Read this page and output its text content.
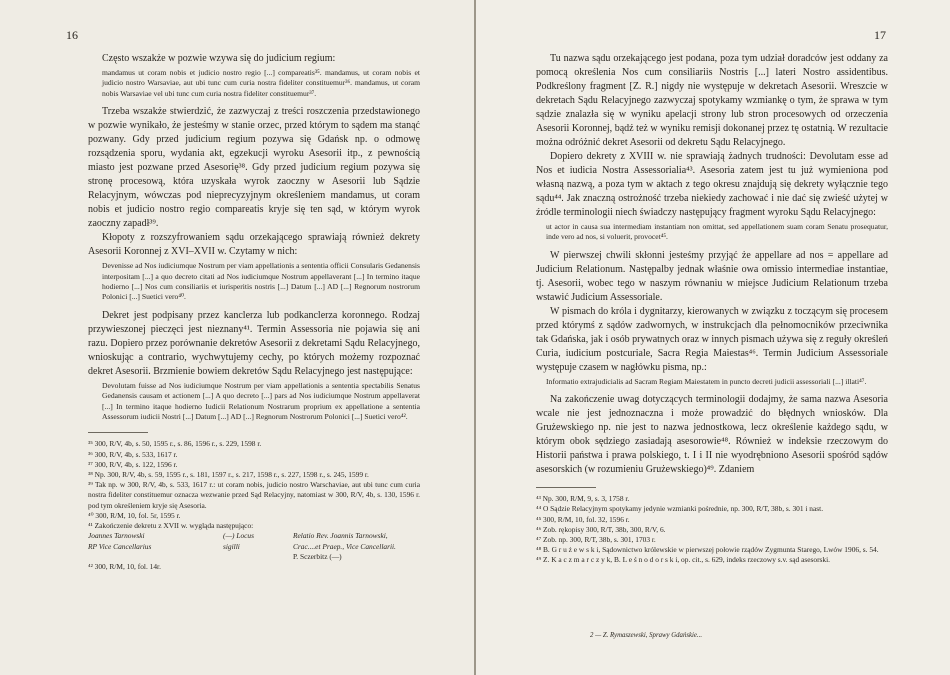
16

Często wszakże w pozwie wzywa się do judicium regium:

mandamus ut coram nobis et judicio nostro regio [...] compareatis³⁵. mandamus, ut coram nobis et judicio nostro Warsaviae, aut ubi tunc cum curia nostra fideliter constituemur³⁶. mandamus, ut coram nobis Warsaviae vel ubi tunc cum curia nostra fideliter constituemur³⁷.

Trzeba wszakże stwierdzić, że zazwyczaj z treści roszczenia przedstawionego w pozwie wynikało, że jesteśmy w stanie orzec, przed którym to sądem ma stanąć pozwany. Gdy przed judicium regium pozywa się Gdańsk np. o odmowę rozsądzenia sporu, wydania akt, egzekucji wyroku Asesorii itp., z pewnością miasto jest pozwane przed Asesorię³⁸. Gdy przed judicium regium pozywa się stronę procesową, która uzyskała wyrok zaoczny w Asesorii lub Sądzie Relacyjnym, wówczas pod nieprecyzyjnym określeniem mandamus, ut coram nobis et judicio nostro regio compareatis kryje się ten sąd, w którym wyrok zaoczny zapadł³⁹.

Kłopoty z rozszyfrowaniem sądu orzekającego sprawiają również dekrety Asesorii Koronnej z XVI–XVII w. Czytamy w nich:

Devenisse ad Nos iudiciumque Nostrum per viam appellationis a sententia officii Consularis Gedanensis interpositam [...] a quo decreto citati ad Nos iudiciumque Nostrum appellaverant [...] In termino itaque hodierno [...] Nos cum consiliariis et iurisperitis nostris [...] Datum [...] AD [...] Regnorum nostrorum Polonici [...] Suetici vero⁴⁰.

Dekret jest podpisany przez kanclerza lub podkanclerza koronnego. Rodzaj przywieszonej pieczęci jest nieznany⁴¹. Termin Assessoria nie pojawia się ani razu. Dopiero przez porównanie dekretów Asesorii z dekretami Sądu Relacyjnego, wnioskując a contrario, wychwytujemy cechy, po których możemy rozpoznać dekret Asesorii. Brzmienie bowiem dekretów Sądu Relacyjnego jest następujące:

Devolutam fuisse ad Nos iudiciumque Nostrum per viam appellationis a sententia spectabilis Senatus Gedanensis causam et actionem [...] A quo decreto [...] pars ad Nos iudiciumque Nostrum appellaverat [...] In termino itaque hodierno Iudicii Relationum Nostrarum proprium ex appellatione a sententia Assessorum iudicii Nostri [...] Datum [...] AD [...] Regnorum Nostrorum Polonici [...] Suetici vero⁴².

³⁵ 300, R/V, 4b, s. 50, 1595 r., s. 86, 1596 r., s. 229, 1598 r.

³⁶ 300, R/V, 4b, s. 533, 1617 r.

³⁷ 300, R/V, 4b, s. 122, 1596 r.

³⁸ Np. 300, R/V, 4b, s. 59, 1595 r., s. 181, 1597 r., s. 217, 1598 r., s. 227, 1598 r., s. 245, 1599 r.

³⁹ Tak np. w 300, R/V, 4b, s. 533, 1617 r.: ut coram nobis, judicio nostro Warschaviae, aut ubi tunc cum curia nostra fideliter constituemur oznacza wezwanie przed Sąd Relacyjny, natomiast w 300, R/V, 4b, s. 130, 1596 r. pod tym określeniem kryje się Asesoria.

⁴⁰ 300, R/M, 10, fol. 5r, 1595 r.

⁴¹ Zakończenie dekretu z XVII w. wygląda następująco:

Joannes Tarnowski	(—) Locus	Relatio Rev. Joannis Tarnowski,
RP Vice Cancellarius	sigilli	Crac....et Praep., Vice Cancellarii.
P. Sczerbitz (—)

⁴² 300, R/M, 10, fol. 14r.

17

Tu nazwa sądu orzekającego jest podana, poza tym udział doradców jest oddany za pomocą określenia Nos cum consiliariis Nostris [...] lateri Nostro assidentibus. Podkreślony fragment [Z. R.] nigdy nie występuje w dekretach Asesorii. Wreszcie w dekretach Sądu Relacyjnego zazwyczaj spotykamy wzmiankę o tym, że sprawa w tym sądzie znalazła się w wyniku apelacji strony lub stron procesowych od orzeczenia Asesorii Koronnej, bądź też w wyniku remisji dokonanej przez tę ostatnią. W rezultacie można odróżnić dekret Asesorii od dekretu Sądu Relacyjnego.

Dopiero dekrety z XVIII w. nie sprawiają żadnych trudności: Devolutam esse ad Nos et iudicia Nostra Assessorialia⁴³. Asesoria zatem jest tu już wymieniona pod własną nazwą, a poza tym w aktach z tego okresu znajdują się dekrety wyłącznie tego sądu⁴⁴. Jak znaczną ostrożność trzeba niekiedy zachować i nie dać się zwieść użytej w źródle terminologii niech świadczy następujący fragment wyroku Sądu Relacyjnego:

ut actor in causa sua intermediam instantiam non omittat, sed appellationem suam coram Senatu prosequatur, inde vero ad nos, si voluerit, provocet⁴⁵.

W pierwszej chwili skłonni jesteśmy przyjąć że appellare ad nos = appellare ad Judicium Relationum. Następalby jednak właśnie owa omissio intermediae instantiae, tj. Asesorii, wobec tego w naszym równaniu w miejsce Judicium Relationum trzeba wstawić Judicium Assessoriale.

W pismach do króla i dygnitarzy, kierowanych w związku z toczącym się procesem przed którymś z sądów zadwornych, w instrukcjach dla pełnomocników przeciwnika tak Gdańska, jak i osób prywatnych oraz w innych pismach używa się z reguły określeń Curia, iudicium postcuriale, Sacra Regia Maiestas⁴⁶. Termin Judicium Assessoriale występuje czasem w nagłówku pisma, np.:

Informatio extrajudicialis ad Sacram Regiam Maiestatem in puncto decreti judicii assessoriali [...] illati⁴⁷.

Na zakończenie uwag dotyczących terminologii dodajmy, że sama nazwa Asesoria wcale nie jest jednoznaczna i może prowadzić do błędnych wniosków. Dla Grużewskiego np. nie jest to nazwa jednostkowa, lecz określenie każdego sądu, w którym obok sędziego zasiadają asesorowie⁴⁸. Również w indeksie rzeczowym do Historii państwa i prawa polskiego, t. I i II nie wyodrębniono Asesorii spośród sądów asesorskich (w rozumieniu Grużewskiego)⁴⁹. Zdaniem

⁴³ Np. 300, R/M, 9, s. 3, 1758 r.

⁴⁴ O Sądzie Relacyjnym spotykamy jedynie wzmianki pośrednie, np. 300, R/T, 38b, s. 301 i nast.

⁴⁵ 300, R/M, 10, fol. 32, 1596 r.

⁴⁶ Zob. rękopisy 300, R/T, 38b, 300, R/V, 6.

⁴⁷ Zob. np. 300, R/T, 38b, s. 301, 1703 r.

⁴⁸ B. G r u ż e w s k i, Sądownictwo królewskie w pierwszej połowie rządów Zygmunta Starego, Lwów 1906, s. 54.

⁴⁹ Z. K a c z m a r c z y k, B. L e ś n o d o r s k i, op. cit., s. 629, indeks rzeczowy s.v. sąd asesorski.

2 — Z. Rymaszewski, Sprawy Gdańskie...
